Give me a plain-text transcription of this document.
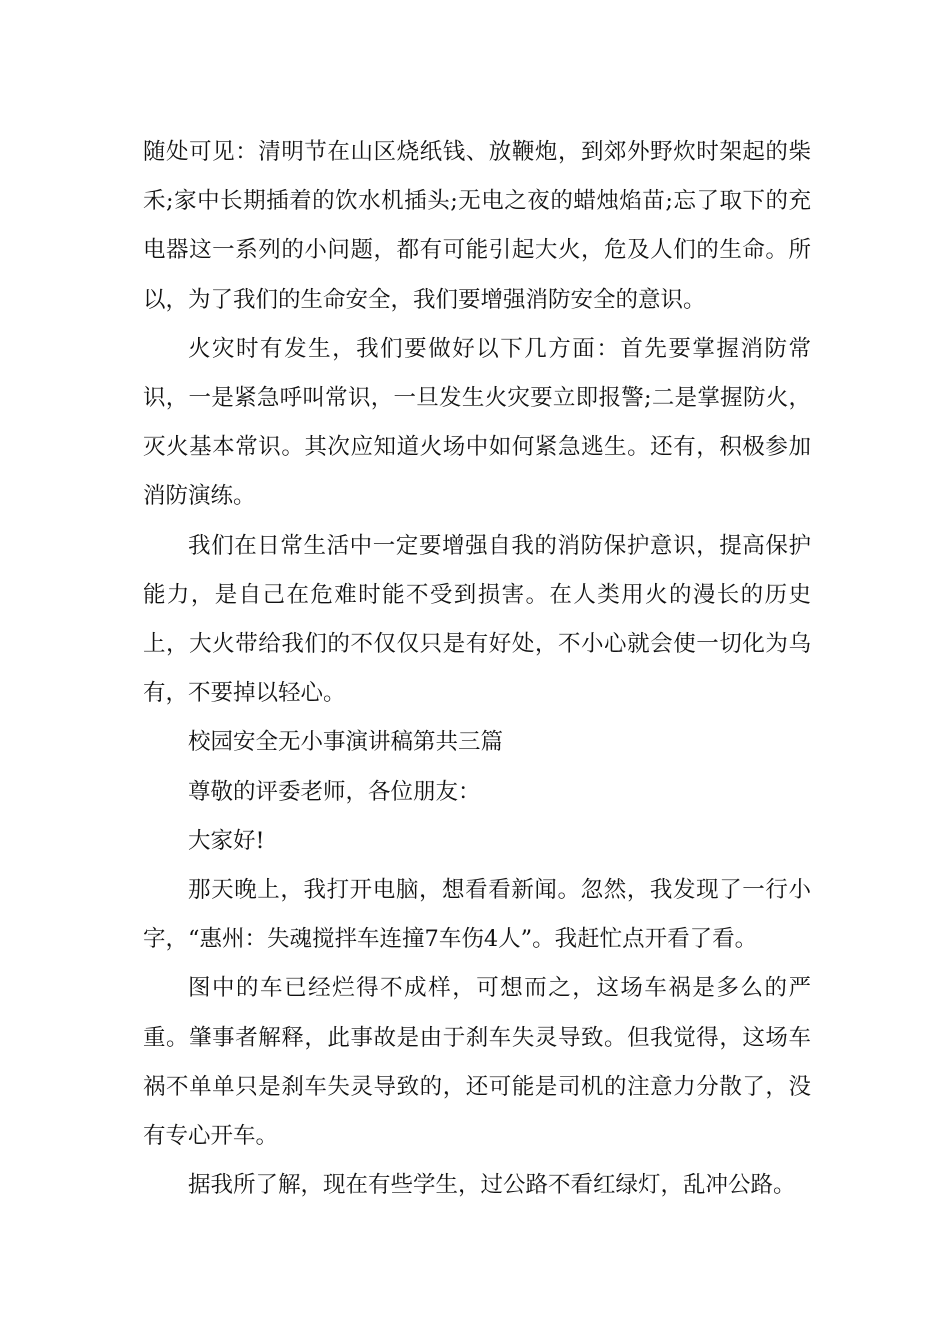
随处可见：清明节在山区烧纸钱、放鞭炮，到郊外野炊时架起的柴禾;家中长期插着的饮水机插头;无电之夜的蜡烛焰苗;忘了取下的充电器这一系列的小问题，都有可能引起大火，危及人们的生命。所以，为了我们的生命安全，我们要增强消防安全的意识。

火灾时有发生，我们要做好以下几方面：首先要掌握消防常识，一是紧急呼叫常识，一旦发生火灾要立即报警;二是掌握防火，灭火基本常识。其次应知道火场中如何紧急逃生。还有，积极参加消防演练。

我们在日常生活中一定要增强自我的消防保护意识，提高保护能力，是自己在危难时能不受到损害。在人类用火的漫长的历史上，大火带给我们的不仅仅只是有好处，不小心就会使一切化为乌有，不要掉以轻心。

校园安全无小事演讲稿第共三篇

尊敬的评委老师，各位朋友：

大家好!

那天晚上，我打开电脑，想看看新闻。忽然，我发现了一行小字，“惠州：失魂搅拌车连撞7车伤4人”。我赶忙点开看了看。

图中的车已经烂得不成样，可想而之，这场车祸是多么的严重。肇事者解释，此事故是由于刹车失灵导致。但我觉得，这场车祸不单单只是刹车失灵导致的，还可能是司机的注意力分散了，没有专心开车。

据我所了解，现在有些学生，过公路不看红绿灯，乱冲公路。
